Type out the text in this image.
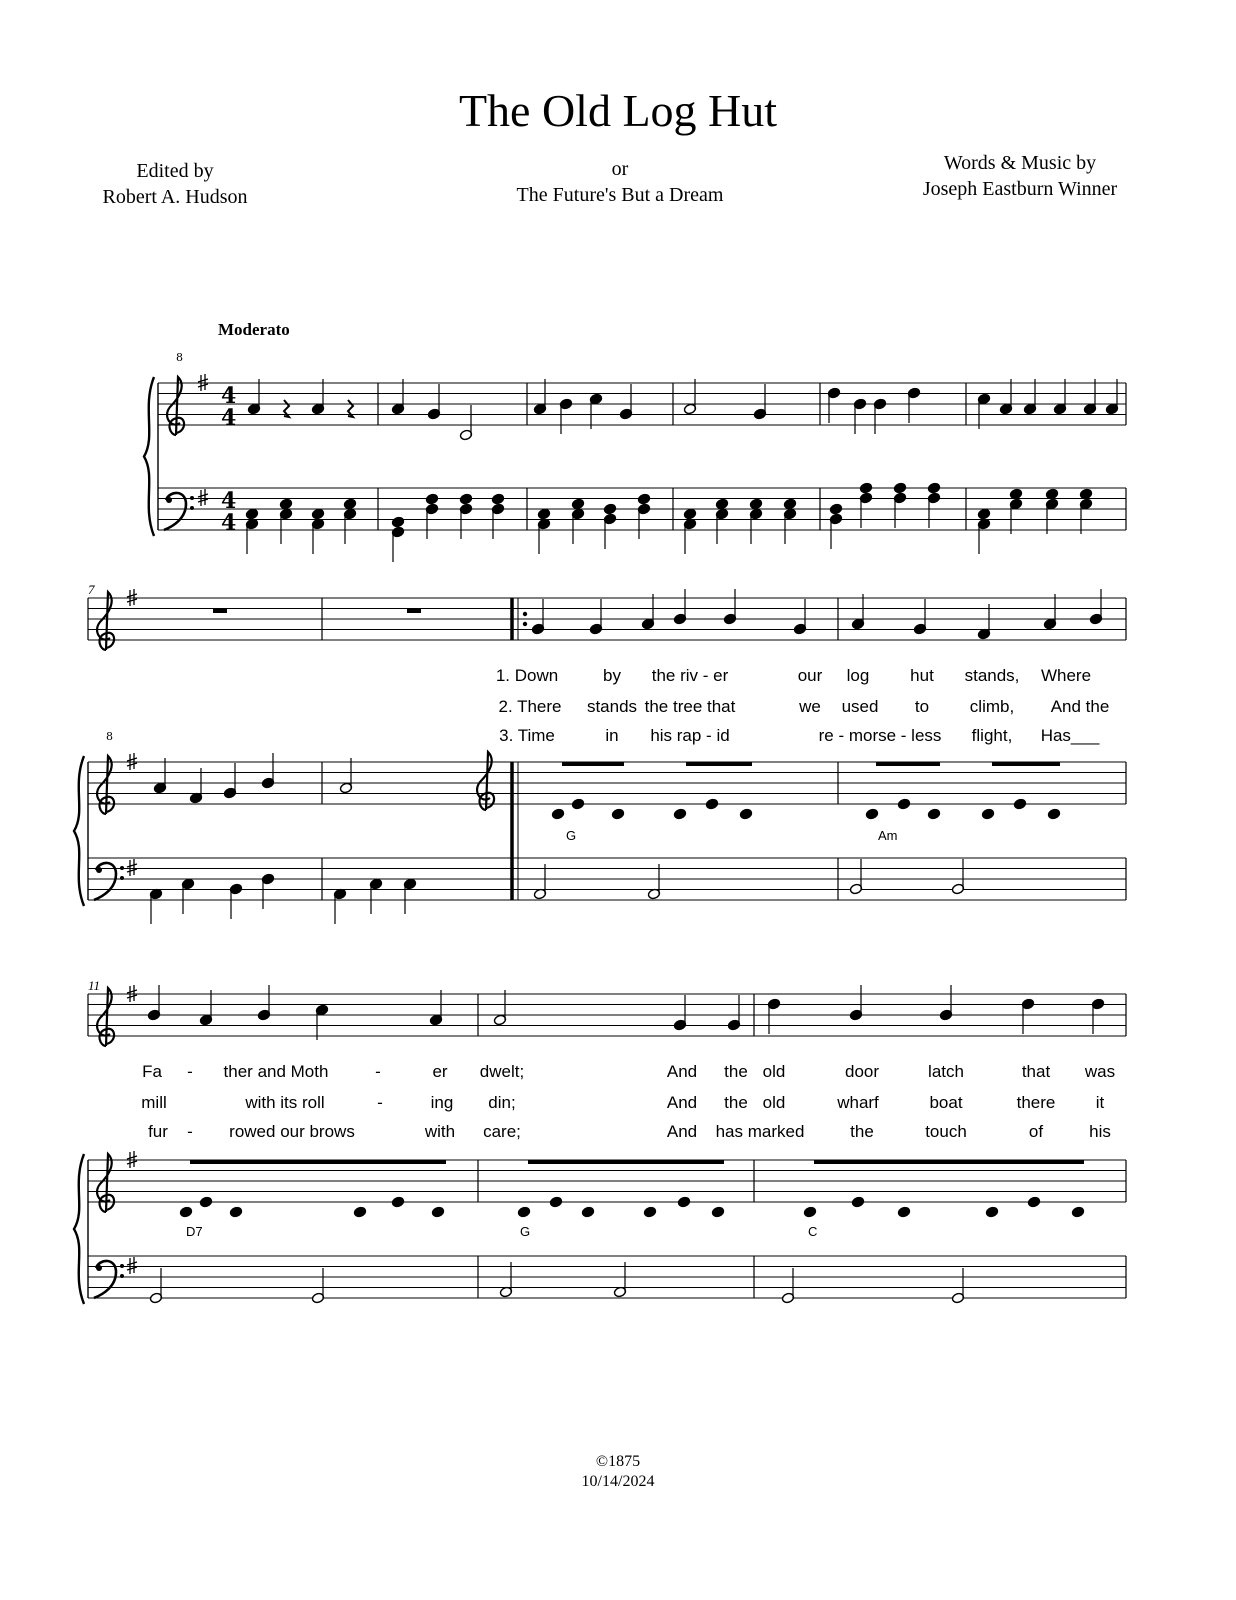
The Old Log Hut
Edited by
Robert A. Hudson
or
The Future's But a Dream
Words & Music by
Joseph Eastburn Winner
Moderato
7
11
8
4
4
4
4
8
1. Down	by the riv - er	our log hut stands, Where
2. There stands the tree that	we used to climb, And the
3. Time	in his rap - id	re - morse - less flight, Has___
Fa - ther and Moth	-	er dwelt;	And the old	door	latch	that was
mill	with its roll	-	ing din;	And the old	wharf	boat	there it
fur - rowed our brows	with care;	And has marked	the	touch	of	his
G	Am
D7	G	C
©1875
10/14/2024
